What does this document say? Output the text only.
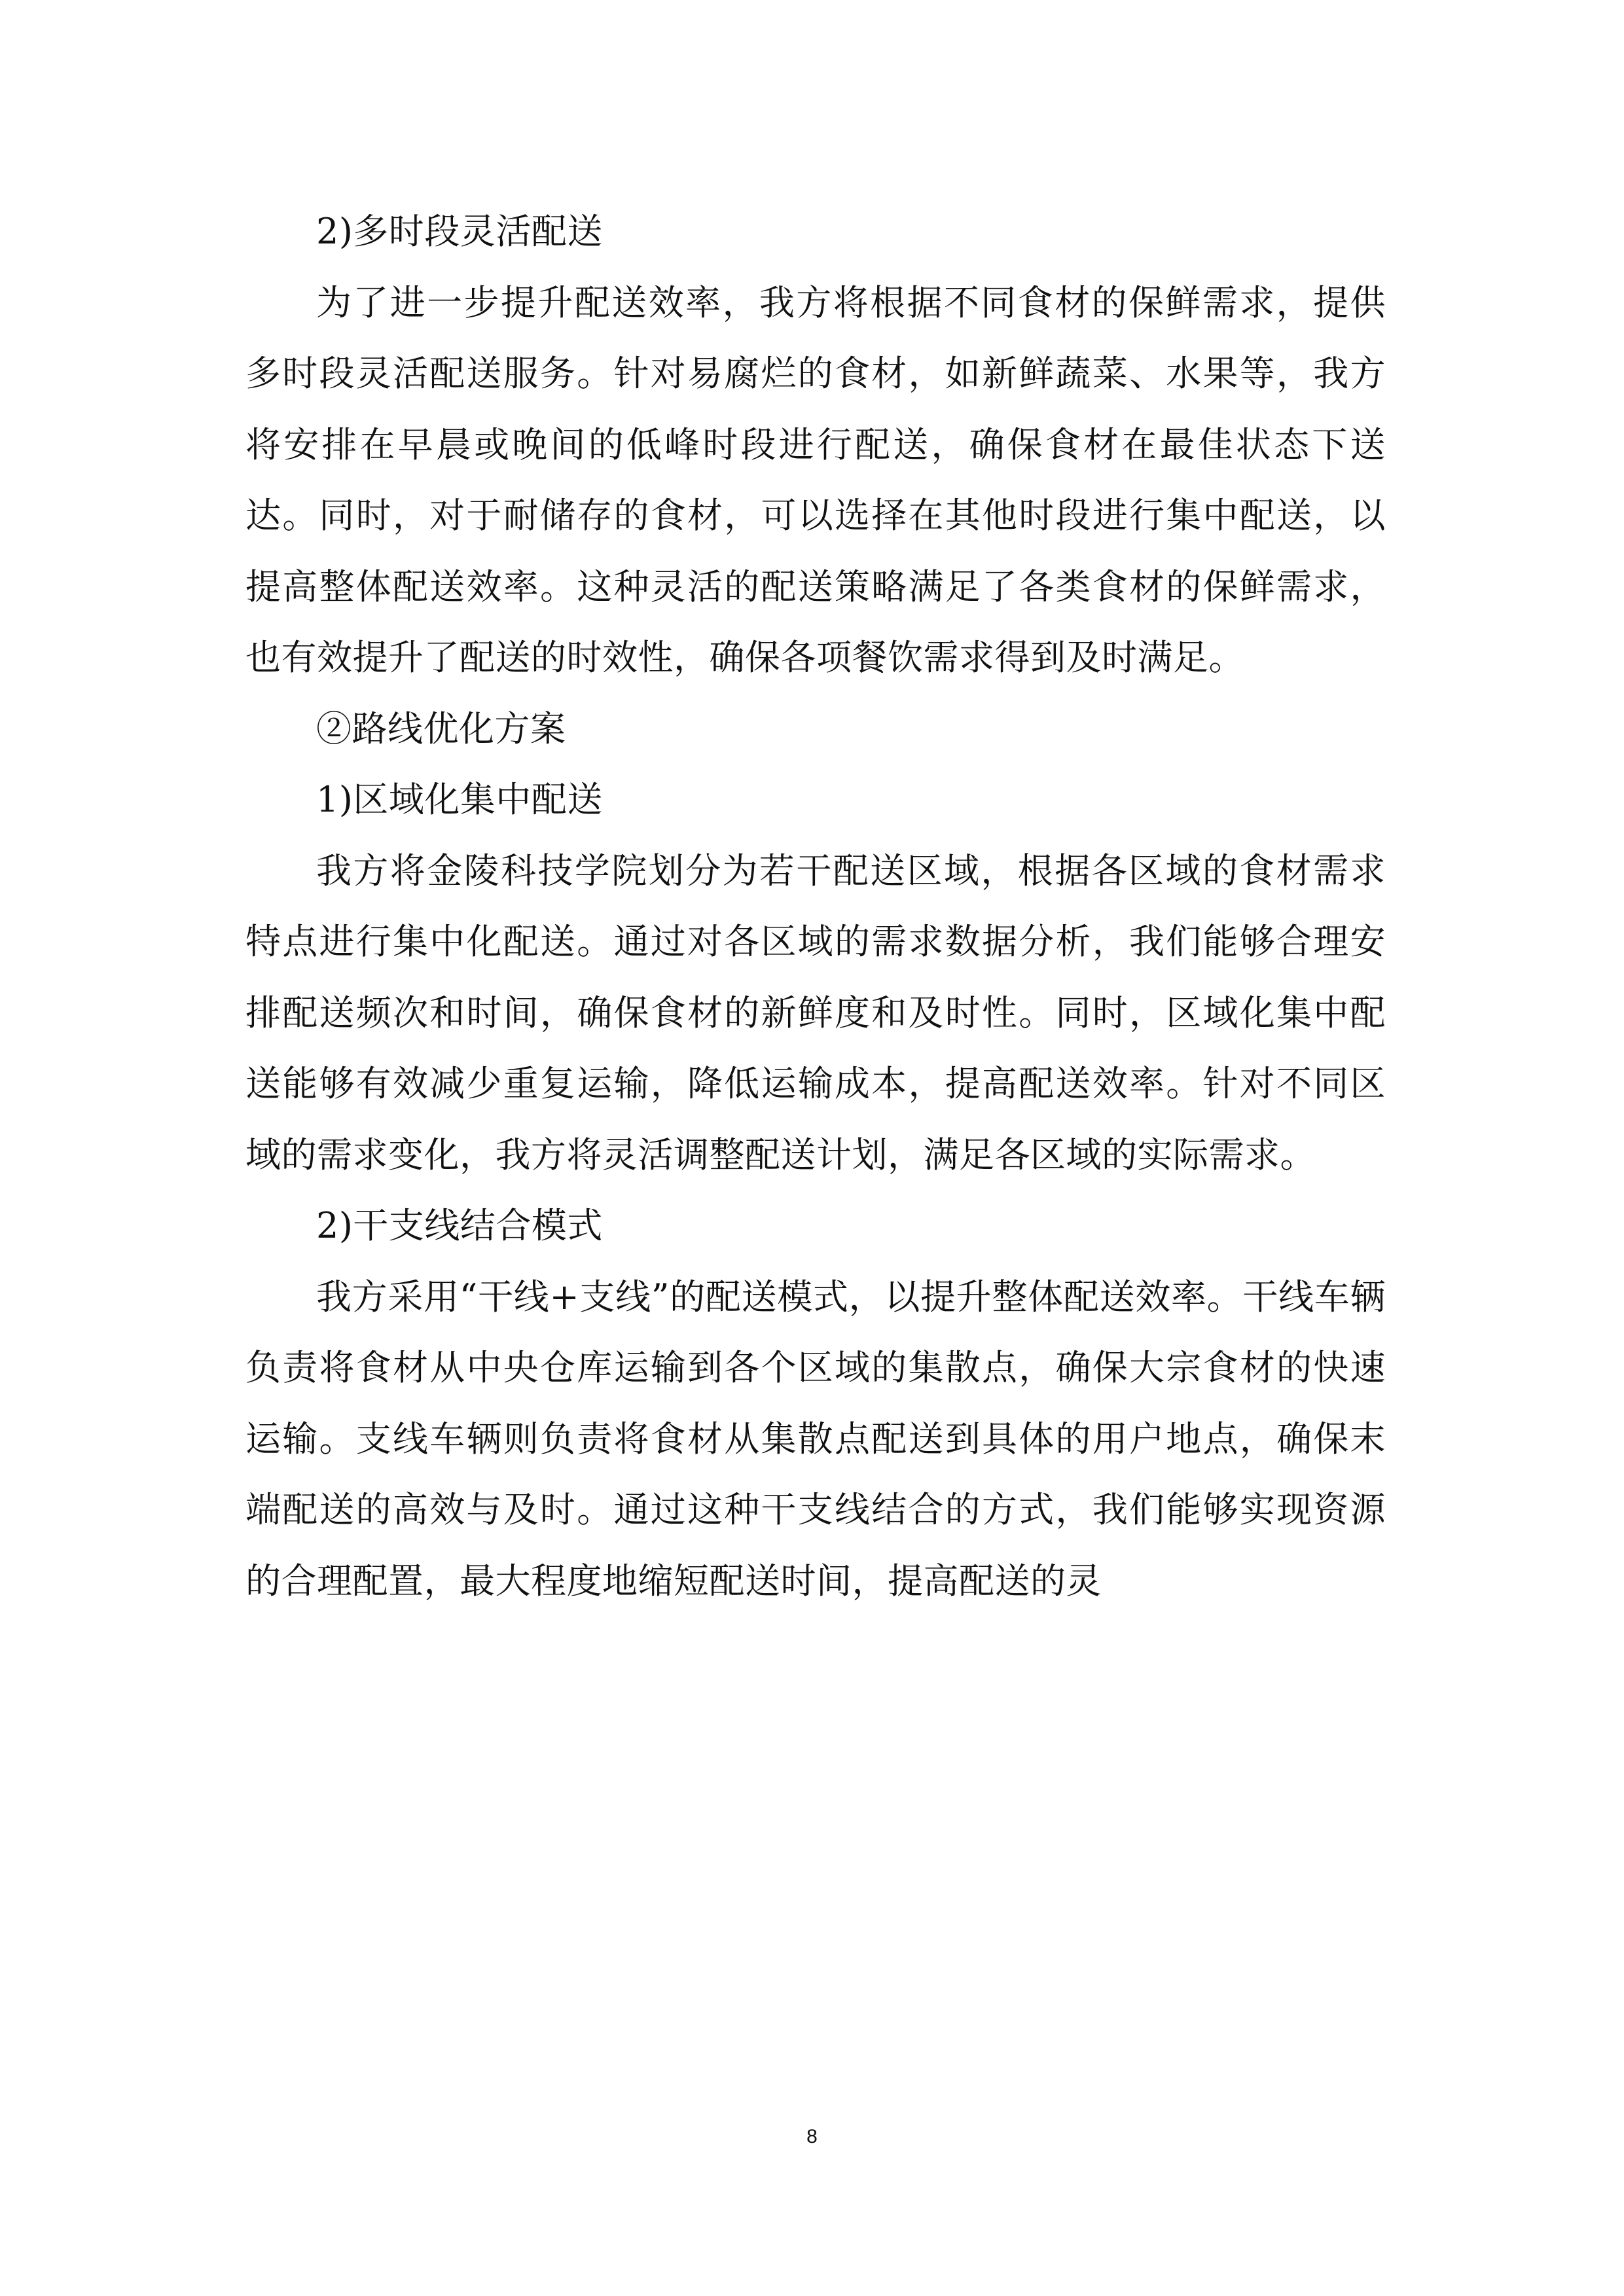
2)多时段灵活配送

为了进一步提升配送效率，我方将根据不同食材的保鲜需求，提供多时段灵活配送服务。针对易腐烂的食材，如新鲜蔬菜、水果等，我方将安排在早晨或晚间的低峰时段进行配送，确保食材在最佳状态下送达。同时，对于耐储存的食材，可以选择在其他时段进行集中配送，以提高整体配送效率。这种灵活的配送策略满足了各类食材的保鲜需求，也有效提升了配送的时效性，确保各项餐饮需求得到及时满足。

②路线优化方案

1)区域化集中配送

我方将金陵科技学院划分为若干配送区域，根据各区域的食材需求特点进行集中化配送。通过对各区域的需求数据分析，我们能够合理安排配送频次和时间，确保食材的新鲜度和及时性。同时，区域化集中配送能够有效减少重复运输，降低运输成本，提高配送效率。针对不同区域的需求变化，我方将灵活调整配送计划，满足各区域的实际需求。

2)干支线结合模式

我方采用“干线+支线”的配送模式，以提升整体配送效率。干线车辆负责将食材从中央仓库运输到各个区域的集散点，确保大宗食材的快速运输。支线车辆则负责将食材从集散点配送到具体的用户地点，确保末端配送的高效与及时。通过这种干支线结合的方式，我们能够实现资源的合理配置，最大程度地缩短配送时间，提高配送的灵

8
